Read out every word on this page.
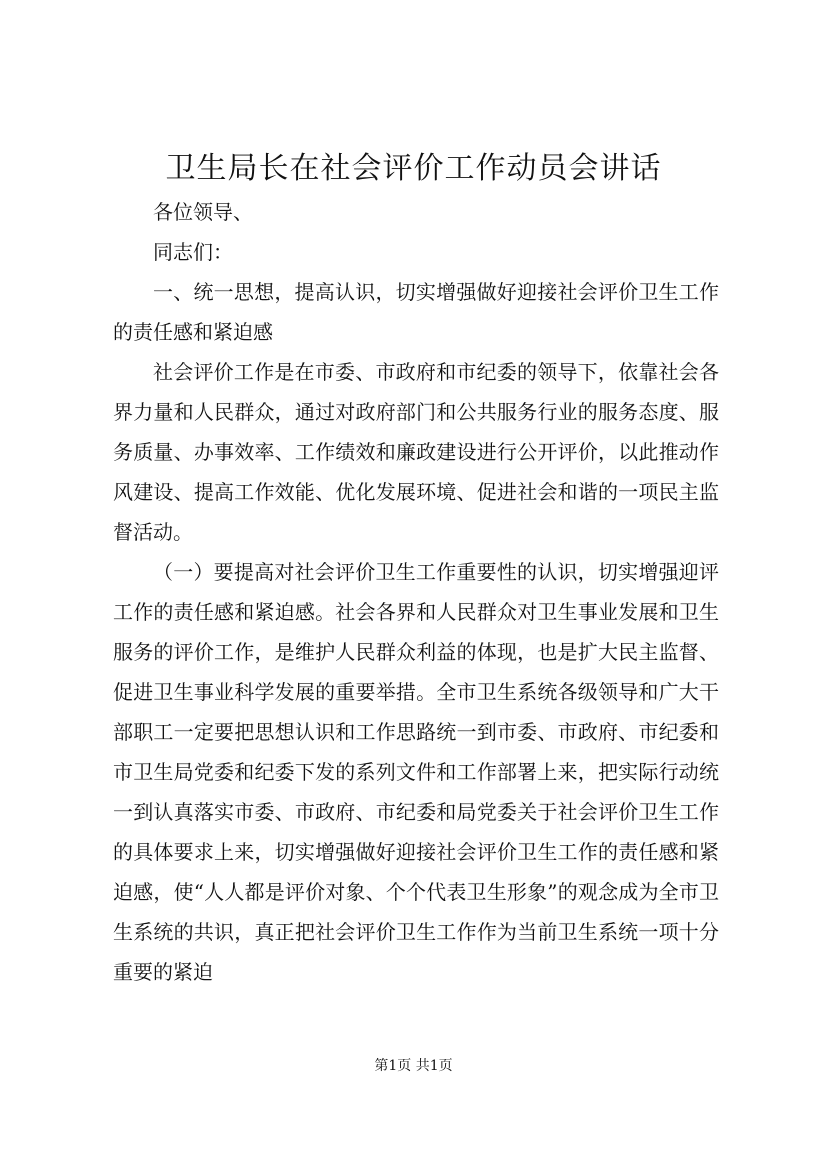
卫生局长在社会评价工作动员会讲话

各位领导、

同志们：

一、统一思想，提高认识，切实增强做好迎接社会评价卫生工作的责任感和紧迫感

社会评价工作是在市委、市政府和市纪委的领导下，依靠社会各界力量和人民群众，通过对政府部门和公共服务行业的服务态度、服务质量、办事效率、工作绩效和廉政建设进行公开评价，以此推动作风建设、提高工作效能、优化发展环境、促进社会和谐的一项民主监督活动。

（一）要提高对社会评价卫生工作重要性的认识，切实增强迎评工作的责任感和紧迫感。社会各界和人民群众对卫生事业发展和卫生服务的评价工作，是维护人民群众利益的体现，也是扩大民主监督、促进卫生事业科学发展的重要举措。全市卫生系统各级领导和广大干部职工一定要把思想认识和工作思路统一到市委、市政府、市纪委和市卫生局党委和纪委下发的系列文件和工作部署上来，把实际行动统一到认真落实市委、市政府、市纪委和局党委关于社会评价卫生工作的具体要求上来，切实增强做好迎接社会评价卫生工作的责任感和紧迫感，使“人人都是评价对象、个个代表卫生形象”的观念成为全市卫生系统的共识，真正把社会评价卫生工作作为当前卫生系统一项十分重要的紧迫

第1页 共1页
